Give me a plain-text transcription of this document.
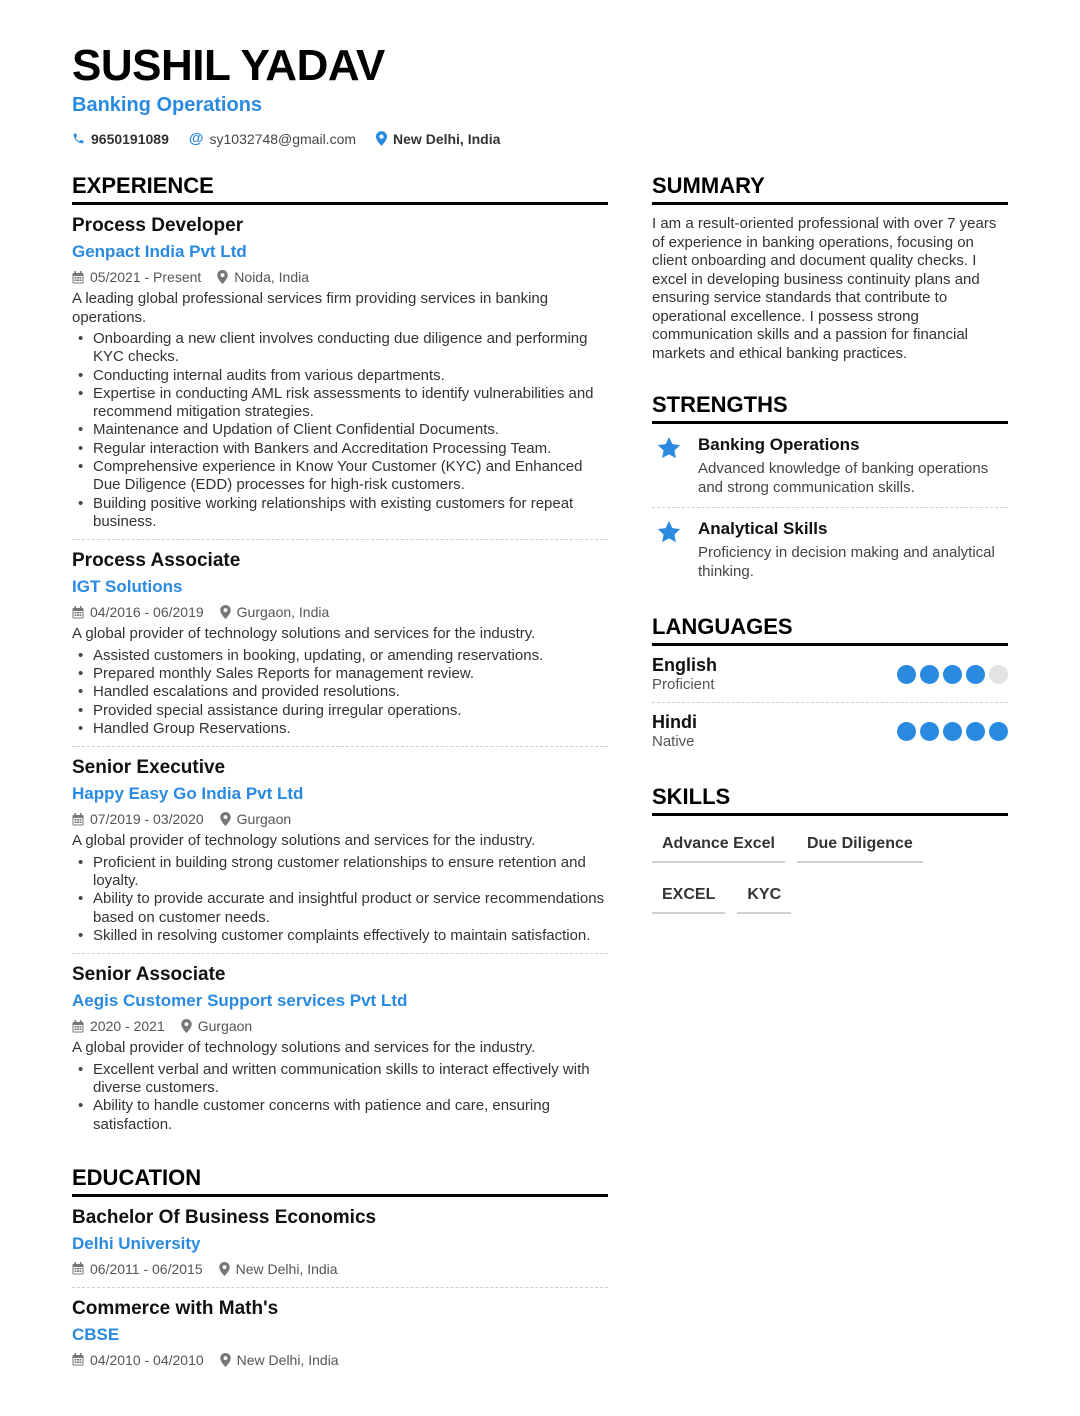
SUSHIL YADAV
Banking Operations
9650191089 @ sy1032748@gmail.com	New Delhi, India
EXPERIENCE
Process Developer
Genpact India Pvt Ltd
05/2021 - Present Noida, India
A leading global professional services firm providing services in banking operations.
• Onboarding a new client involves conducting due diligence and performing KYC checks.
• Conducting internal audits from various departments.
• Expertise in conducting AML risk assessments to identify vulnerabilities and recommend mitigation strategies.
• Maintenance and Updation of Client Confidential Documents.
• Regular interaction with Bankers and Accreditation Processing Team.
• Comprehensive experience in Know Your Customer (KYC) and Enhanced Due Diligence (EDD) processes for high-risk customers.
• Building positive working relationships with existing customers for repeat business.
Process Associate
IGT Solutions
04/2016 - 06/2019 Gurgaon, India
A global provider of technology solutions and services for the industry.
• Assisted customers in booking, updating, or amending reservations.
• Prepared monthly Sales Reports for management review.
• Handled escalations and provided resolutions.
• Provided special assistance during irregular operations.
• Handled Group Reservations.
Senior Executive
Happy Easy Go India Pvt Ltd
07/2019 - 03/2020 Gurgaon
A global provider of technology solutions and services for the industry.
• Proficient in building strong customer relationships to ensure retention and loyalty.
• Ability to provide accurate and insightful product or service recommendations based on customer needs.
• Skilled in resolving customer complaints effectively to maintain satisfaction.
Senior Associate
Aegis Customer Support services Pvt Ltd
2020 - 2021 Gurgaon
A global provider of technology solutions and services for the industry.
• Excellent verbal and written communication skills to interact effectively with diverse customers.
• Ability to handle customer concerns with patience and care, ensuring satisfaction.
EDUCATION
Bachelor Of Business Economics
Delhi University
06/2011 - 06/2015 New Delhi, India
Commerce with Math's
CBSE
04/2010 - 04/2010 New Delhi, India
SUMMARY
I am a result-oriented professional with over 7 years of experience in banking operations, focusing on client onboarding and document quality checks. I excel in developing business continuity plans and ensuring service standards that contribute to operational excellence. I possess strong communication skills and a passion for financial markets and ethical banking practices.
STRENGTHS
Banking Operations
Advanced knowledge of banking operations and strong communication skills.
Analytical Skills
Proficiency in decision making and analytical thinking.
LANGUAGES
English
Proficient
Hindi
Native
SKILLS
Advance Excel	Due Diligence
EXCEL	KYC
